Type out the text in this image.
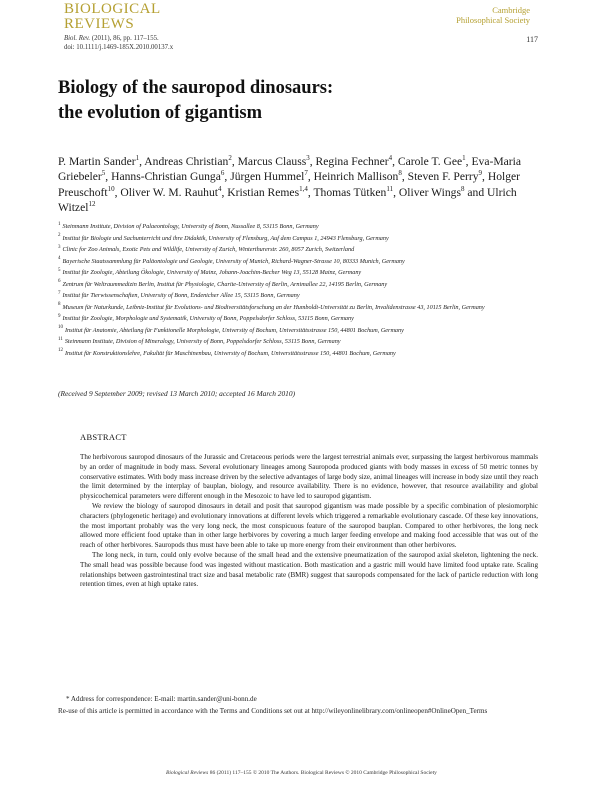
BIOLOGICAL
REVIEWS
Cambridge
Philosophical Society
Biol. Rev. (2011), 86, pp. 117–155.
doi: 10.1111/j.1469-185X.2010.00137.x
117
Biology of the sauropod dinosaurs:
the evolution of gigantism
P. Martin Sander$^1$, Andreas Christian$^2$, Marcus Clauss$^3$, Regina Fechner$^4$, Carole T. Gee$^1$, Eva-Maria Griebeler$^5$, Hanns-Christian Gunga$^6$, Jürgen Hummel$^7$, Heinrich Mallison$^8$, Steven F. Perry$^9$, Holger Preuschoft$^{10}$, Oliver W. M. Rauhut$^4$, Kristian Remes$^{1,4}$, Thomas Tütken$^{11}$, Oliver Wings$^8$ and Ulrich Witzel$^{12}$
$^1$ Steinmann Institute, Division of Palaeontology, University of Bonn, Nussallee 8, 53115 Bonn, Germany
$^2$ Institut für Biologie und Sachunterricht und ihre Didaktik, University of Flensburg, Auf dem Campus 1, 24943 Flensburg, Germany
$^3$ Clinic for Zoo Animals, Exotic Pets and Wildlife, University of Zurich, Winterthurerstr. 260, 8057 Zurich, Switzerland
$^4$ Bayerische Staatssammlung für Paläontologie und Geologie, University of Munich, Richard-Wagner-Strasse 10, 80333 Munich, Germany
$^5$ Institut für Zoologie, Abteilung Ökologie, University of Mainz, Johann-Joachim-Becher Weg 13, 55128 Mainz, Germany
$^6$ Zentrum für Weltraummedizin Berlin, Institut für Physiologie, Charite-University of Berlin, Arnimallee 22, 14195 Berlin, Germany
$^7$ Institut für Tierwissenschaften, University of Bonn, Endenicher Allee 15, 53115 Bonn, Germany
$^8$ Museum für Naturkunde, Leibniz-Institut für Evolutions- und Biodiversitätsforschung an der Humboldt-Universität zu Berlin, Invalidenstrasse 43, 10115 Berlin, Germany
$^9$ Institut für Zoologie, Morphologie und Systematik, University of Bonn, Poppelsdorfer Schloss, 53115 Bonn, Germany
$^{10}$ Institut für Anatomie, Abteilung für Funktionelle Morphologie, University of Bochum, Universitätsstrasse 150, 44801 Bochum, Germany
$^{11}$ Steinmann Institute, Division of Mineralogy, University of Bonn, Poppelsdorfer Schloss, 53115 Bonn, Germany
$^{12}$ Institut für Konstruktionslehre, Fakultät für Maschinenbau, University of Bochum, Universitätsstrasse 150, 44801 Bochum, Germany
(Received 9 September 2009; revised 13 March 2010; accepted 16 March 2010)
ABSTRACT

The herbivorous sauropod dinosaurs of the Jurassic and Cretaceous periods were the largest terrestrial animals ever, surpassing the largest herbivorous mammals by an order of magnitude in body mass. Several evolutionary lineages among Sauropoda produced giants with body masses in excess of 50 metric tonnes by conservative estimates. With body mass increase driven by the selective advantages of large body size, animal lineages will increase in body size until they reach the limit determined by the interplay of bauplan, biology, and resource availability. There is no evidence, however, that resource availability and global physicochemical parameters were different enough in the Mesozoic to have led to sauropod gigantism.

We review the biology of sauropod dinosaurs in detail and posit that sauropod gigantism was made possible by a specific combination of plesiomorphic characters (phylogenetic heritage) and evolutionary innovations at different levels which triggered a remarkable evolutionary cascade. Of these key innovations, the most important probably was the very long neck, the most conspicuous feature of the sauropod bauplan. Compared to other herbivores, the long neck allowed more efficient food uptake than in other large herbivores by covering a much larger feeding envelope and making food accessible that was out of the reach of other herbivores. Sauropods thus must have been able to take up more energy from their environment than other herbivores.

The long neck, in turn, could only evolve because of the small head and the extensive pneumatization of the sauropod axial skeleton, lightening the neck. The small head was possible because food was ingested without mastication. Both mastication and a gastric mill would have limited food uptake rate. Scaling relationships between gastrointestinal tract size and basal metabolic rate (BMR) suggest that sauropods compensated for the lack of particle reduction with long retention times, even at high uptake rates.

* Address for correspondence: E-mail: martin.sander@uni-bonn.de

Re-use of this article is permitted in accordance with the Terms and Conditions set out at http://wileyonlinelibrary.com/onlineopen#OnlineOpen_Terms

Biological Reviews 86 (2011) 117–155 © 2010 The Authors. Biological Reviews © 2010 Cambridge Philosophical Society
